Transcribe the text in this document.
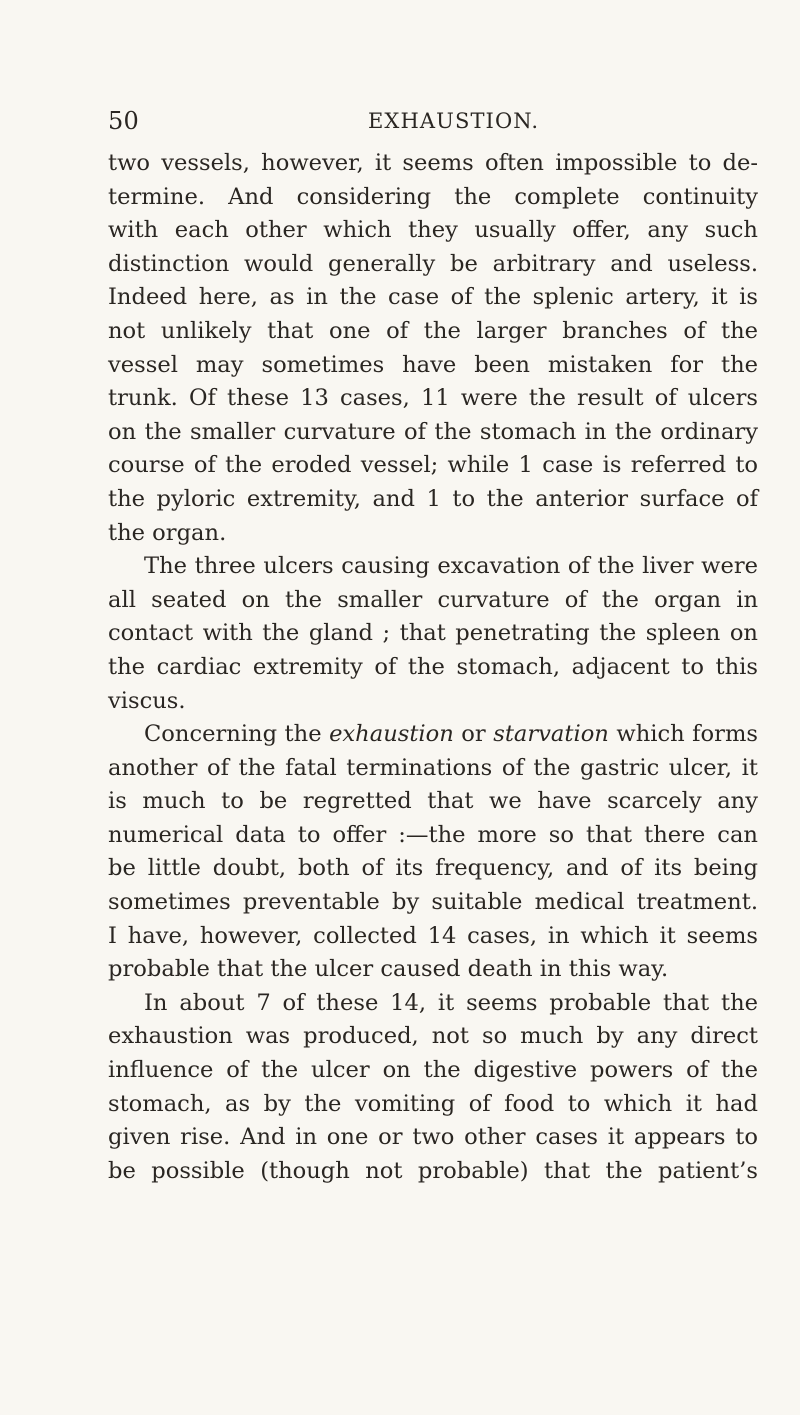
50	EXHAUSTION.
two vessels, however, it seems often impossible to de-
termine. And considering the complete continuity
with each other which they usually offer, any such
distinction would generally be arbitrary and useless.
Indeed here, as in the case of the splenic artery, it is
not unlikely that one of the larger branches of the
vessel may sometimes have been mistaken for the
trunk. Of these 13 cases, 11 were the result of ulcers
on the smaller curvature of the stomach in the ordinary
course of the eroded vessel; while 1 case is referred to
the pyloric extremity, and 1 to the anterior surface of
the organ.
The three ulcers causing excavation of the liver were
all seated on the smaller curvature of the organ in
contact with the gland ; that penetrating the spleen on
the cardiac extremity of the stomach, adjacent to this
viscus.
Concerning the exhaustion or starvation which forms
another of the fatal terminations of the gastric ulcer, it
is much to be regretted that we have scarcely any
numerical data to offer :—the more so that there can
be little doubt, both of its frequency, and of its being
sometimes preventable by suitable medical treatment.
I have, however, collected 14 cases, in which it seems
probable that the ulcer caused death in this way.
In about 7 of these 14, it seems probable that the
exhaustion was produced, not so much by any direct
influence of the ulcer on the digestive powers of the
stomach, as by the vomiting of food to which it had
given rise. And in one or two other cases it appears to
be possible (though not probable) that the patient’s
